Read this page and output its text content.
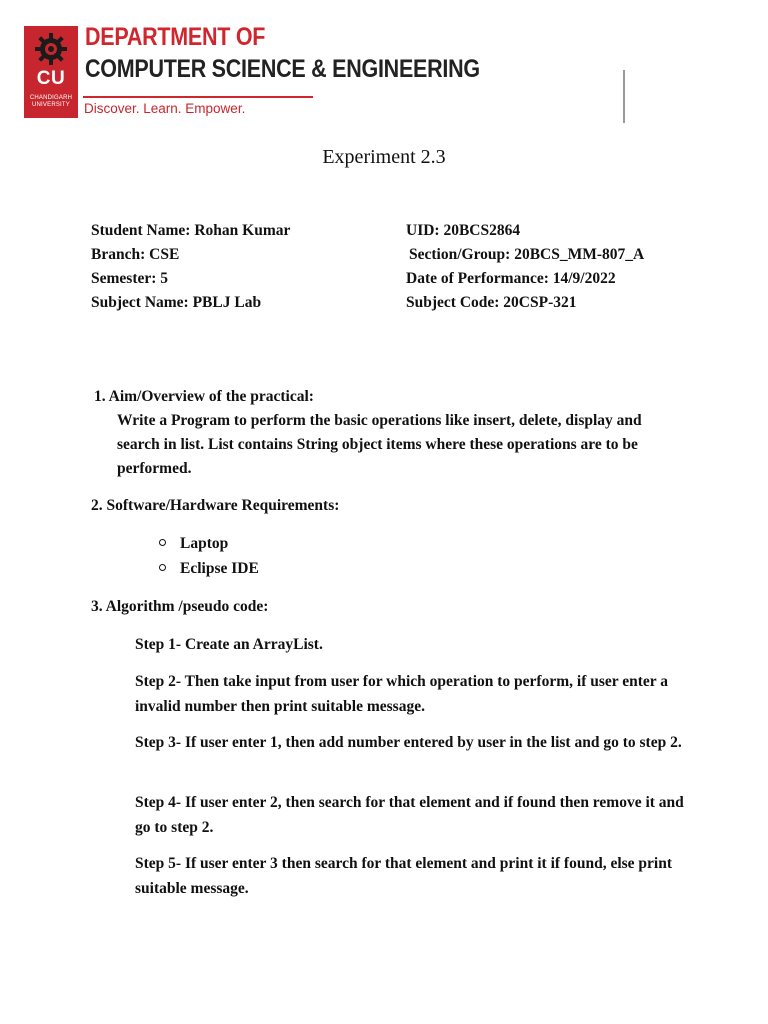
CU
CHANDIGARH UNIVERSITY
DEPARTMENT OF
COMPUTER SCIENCE & ENGINEERING
Discover. Learn. Empower.
Experiment 2.3
Student Name: Rohan Kumar	UID: 20BCS2864
Branch: CSE	Section/Group: 20BCS_MM-807_A
Semester: 5	Date of Performance: 14/9/2022
Subject Name: PBLJ Lab	Subject Code: 20CSP-321
1. Aim/Overview of the practical:
Write a Program to perform the basic operations like insert, delete, display and search in list. List contains String object items where these operations are to be performed.
2. Software/Hardware Requirements:
Laptop
Eclipse IDE
3. Algorithm /pseudo code:
Step 1- Create an ArrayList.
Step 2- Then take input from user for which operation to perform, if user enter a invalid number then print suitable message.
Step 3- If user enter 1, then add number entered by user in the list and go to step 2.
Step 4- If user enter 2, then search for that element and if found then remove it and go to step 2.
Step 5- If user enter 3 then search for that element and print it if found, else print suitable message.
